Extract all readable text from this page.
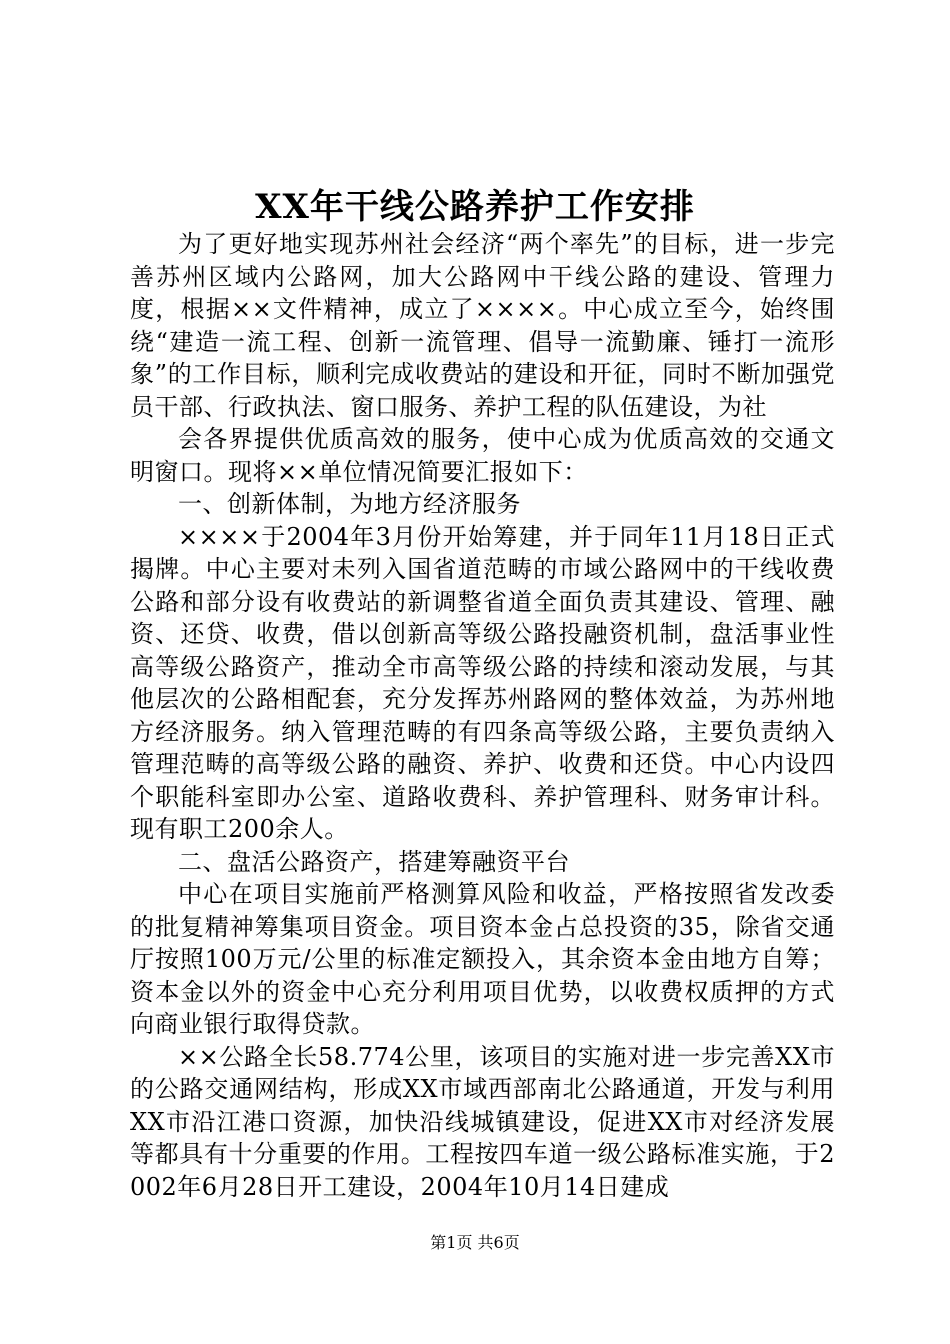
XX年干线公路养护工作安排

为了更好地实现苏州社会经济“两个率先”的目标，进一步完善苏州区域内公路网，加大公路网中干线公路的建设、管理力度，根据××文件精神，成立了××××。中心成立至今，始终围绕“建造一流工程、创新一流管理、倡导一流勤廉、锤打一流形象”的工作目标，顺利完成收费站的建设和开征，同时不断加强党员干部、行政执法、窗口服务、养护工程的队伍建设，为社

会各界提供优质高效的服务，使中心成为优质高效的交通文明窗口。现将××单位情况简要汇报如下：

一、创新体制，为地方经济服务

××××于2004年3月份开始筹建，并于同年11月18日正式揭牌。中心主要对未列入国省道范畴的市域公路网中的干线收费公路和部分设有收费站的新调整省道全面负责其建设、管理、融资、还贷、收费，借以创新高等级公路投融资机制，盘活事业性高等级公路资产，推动全市高等级公路的持续和滚动发展，与其他层次的公路相配套，充分发挥苏州路网的整体效益，为苏州地方经济服务。纳入管理范畴的有四条高等级公路，主要负责纳入管理范畴的高等级公路的融资、养护、收费和还贷。中心内设四个职能科室即办公室、道路收费科、养护管理科、财务审计科。现有职工200余人。

二、盘活公路资产，搭建筹融资平台

中心在项目实施前严格测算风险和收益，严格按照省发改委的批复精神筹集项目资金。项目资本金占总投资的35，除省交通厅按照100万元/公里的标准定额投入，其余资本金由地方自筹；资本金以外的资金中心充分利用项目优势，以收费权质押的方式向商业银行取得贷款。

××公路全长58.774公里，该项目的实施对进一步完善XX市的公路交通网结构，形成XX市域西部南北公路通道，开发与利用XX市沿江港口资源，加快沿线城镇建设，促进XX市对经济发展等都具有十分重要的作用。工程按四车道一级公路标准实施，于2002年6月28日开工建设，2004年10月14日建成

第1页 共6页
